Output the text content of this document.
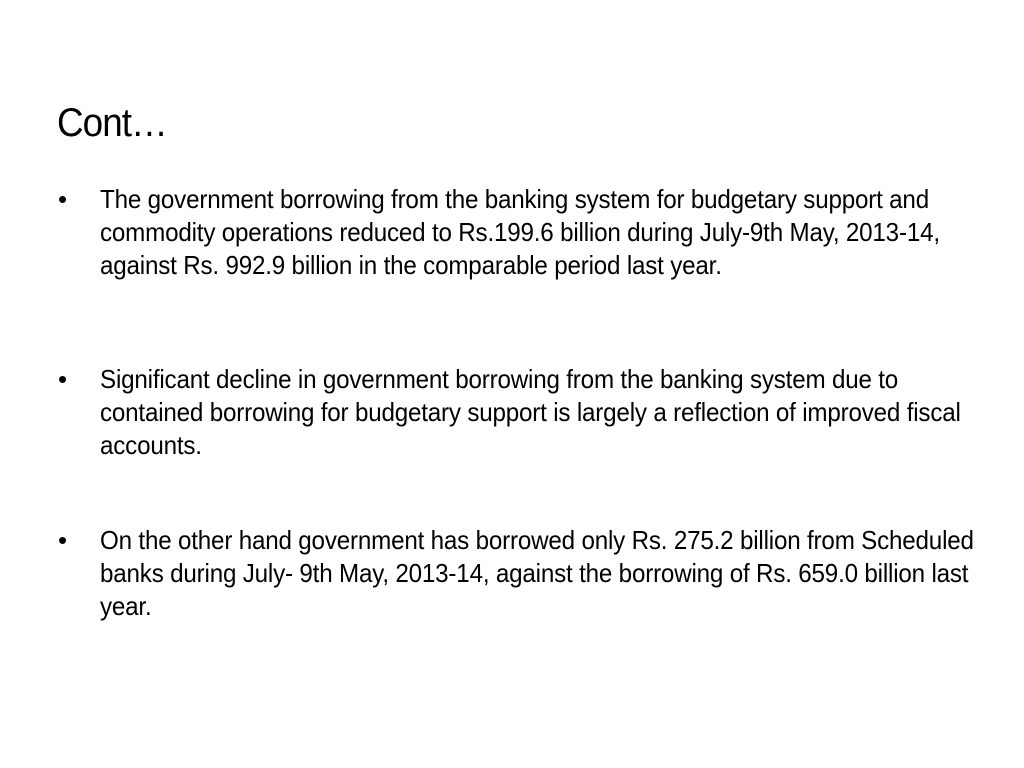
Cont…
•	The government borrowing from the banking system for budgetary support and commodity operations reduced to Rs.199.6 billion during July-9th May, 2013-14, against Rs. 992.9 billion in the comparable period last year.
•	Significant decline in government borrowing from the banking system due to contained borrowing for budgetary support is largely a reflection of improved fiscal accounts.
•	On the other hand government has borrowed only Rs. 275.2 billion from Scheduled banks during July- 9th May, 2013-14, against the borrowing of Rs. 659.0 billion last year.
